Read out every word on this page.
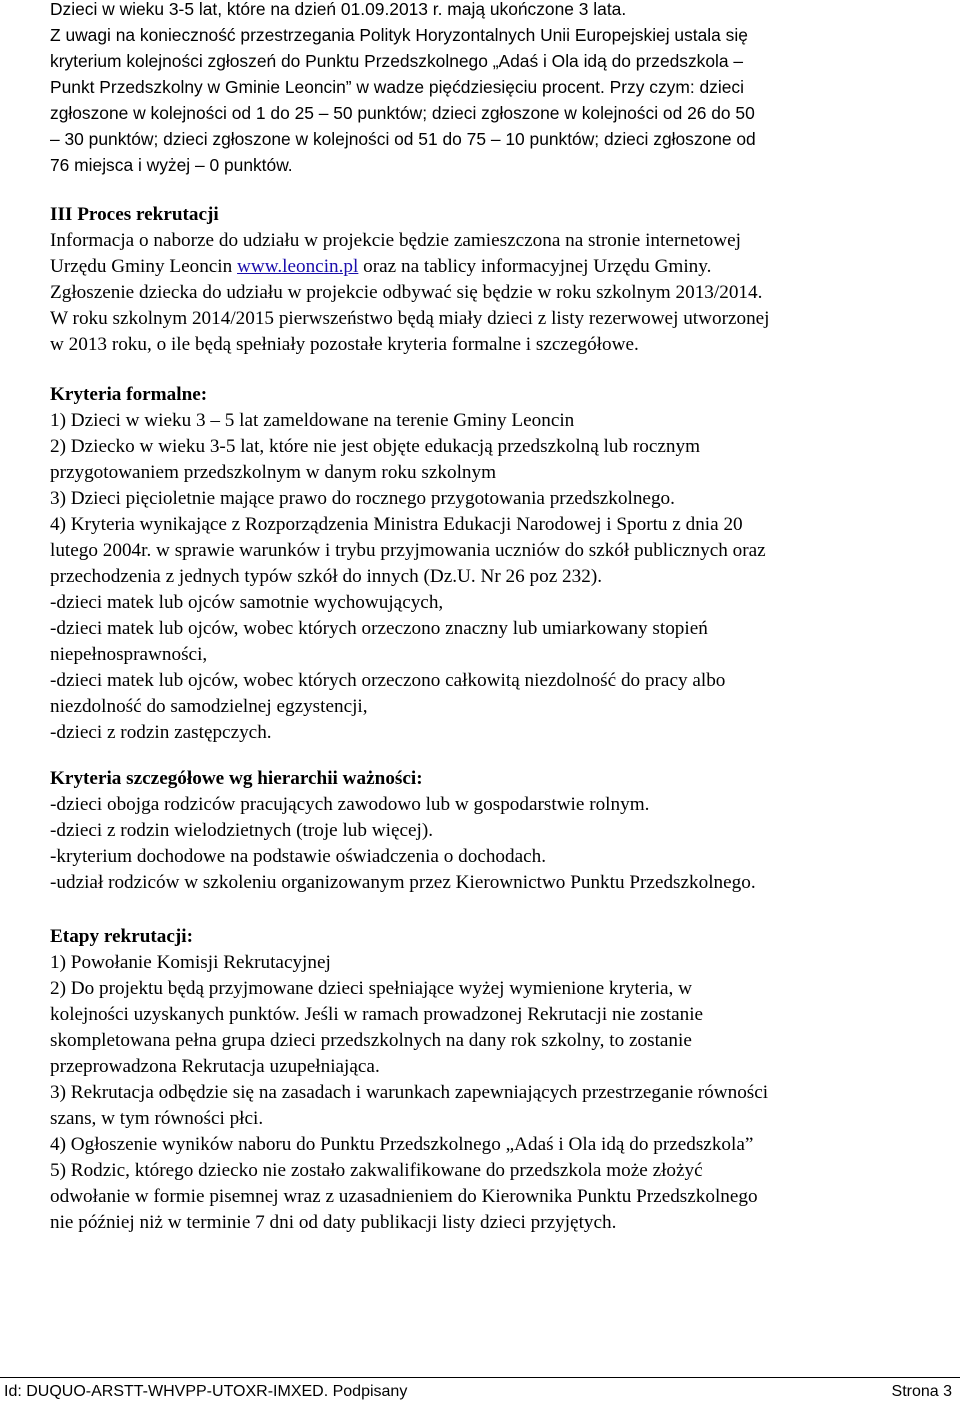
Dzieci w wieku 3-5 lat, które na dzień 01.09.2013 r. mają ukończone 3 lata.
Z uwagi na konieczność przestrzegania Polityk Horyzontalnych Unii Europejskiej ustala się
kryterium kolejności zgłoszeń do Punktu Przedszkolnego „Adaś i Ola idą do przedszkola –
Punkt Przedszkolny w Gminie Leoncin” w wadze pięćdziesięciu procent. Przy czym: dzieci
zgłoszone w kolejności od 1 do 25 – 50 punktów; dzieci zgłoszone w kolejności od 26 do 50
– 30 punktów; dzieci zgłoszone w kolejności od 51 do 75 – 10 punktów; dzieci zgłoszone od
76 miejsca i wyżej – 0 punktów.
III Proces rekrutacji
Informacja o naborze do udziału w projekcie będzie zamieszczona na stronie internetowej
Urzędu Gminy Leoncin www.leoncin.pl oraz na tablicy informacyjnej Urzędu Gminy.
Zgłoszenie dziecka do udziału w projekcie odbywać się będzie w roku szkolnym 2013/2014.
W roku szkolnym 2014/2015 pierwszeństwo będą miały dzieci z listy rezerwowej utworzonej
w 2013 roku, o ile będą spełniały pozostałe kryteria formalne i szczegółowe.
Kryteria formalne:
1) Dzieci w wieku 3 – 5 lat zameldowane na terenie Gminy Leoncin
2) Dziecko w wieku 3-5 lat, które nie jest objęte edukacją przedszkolną lub rocznym
przygotowaniem przedszkolnym w danym roku szkolnym
3) Dzieci pięcioletnie mające prawo do rocznego przygotowania przedszkolnego.
4) Kryteria wynikające z Rozporządzenia Ministra Edukacji Narodowej i Sportu z dnia 20
lutego 2004r. w sprawie warunków i trybu przyjmowania uczniów do szkół publicznych oraz
przechodzenia z jednych typów szkół do innych (Dz.U. Nr 26 poz 232).
-dzieci matek lub ojców samotnie wychowujących,
-dzieci matek lub ojców, wobec których orzeczono znaczny lub umiarkowany stopień
niepełnosprawności,
-dzieci matek lub ojców, wobec których orzeczono całkowitą niezdolność do pracy albo
niezdolność do samodzielnej egzystencji,
-dzieci z rodzin zastępczych.
Kryteria szczegółowe wg hierarchii ważności:
-dzieci obojga rodziców pracujących zawodowo lub w gospodarstwie rolnym.
-dzieci z rodzin wielodzietnych (troje lub więcej).
-kryterium dochodowe na podstawie oświadczenia o dochodach.
-udział rodziców w szkoleniu organizowanym przez Kierownictwo Punktu Przedszkolnego.
Etapy rekrutacji:
1) Powołanie Komisji Rekrutacyjnej
2) Do projektu będą przyjmowane dzieci spełniające wyżej wymienione kryteria, w
kolejności uzyskanych punktów. Jeśli w ramach prowadzonej Rekrutacji nie zostanie
skompletowana pełna grupa dzieci przedszkolnych na dany rok szkolny, to zostanie
przeprowadzona Rekrutacja uzupełniająca.
3) Rekrutacja odbędzie się na zasadach i warunkach zapewniających przestrzeganie równości
szans, w tym równości płci.
4) Ogłoszenie wyników naboru do Punktu Przedszkolnego „Adaś i Ola idą do przedszkola”
5) Rodzic, którego dziecko nie zostało zakwalifikowane do przedszkola może złożyć
odwołanie w formie pisemnej wraz z uzasadnieniem do Kierownika Punktu Przedszkolnego
nie później niż w terminie 7 dni od daty publikacji listy dzieci przyjętych.
Id: DUQUO-ARSTT-WHVPP-UTOXR-IMXED. Podpisany	Strona 3
